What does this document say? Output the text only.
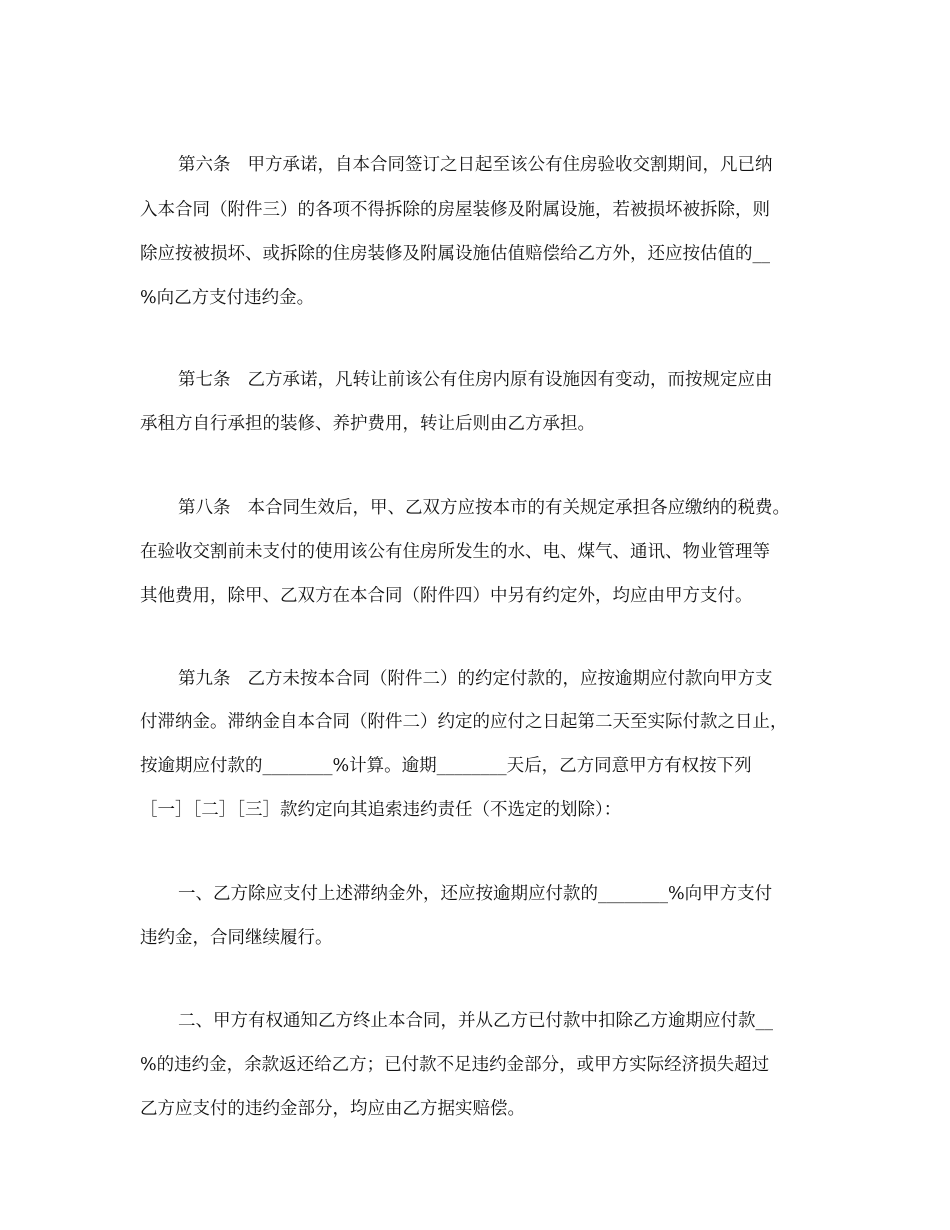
第六条 甲方承诺，自本合同签订之日起至该公有住房验收交割期间，凡已纳
入本合同（附件三）的各项不得拆除的房屋装修及附属设施，若被损坏被拆除，则
除应按被损坏、或拆除的住房装修及附属设施估值赔偿给乙方外，还应按估值的__
%向乙方支付违约金。
第七条 乙方承诺，凡转让前该公有住房内原有设施因有变动，而按规定应由
承租方自行承担的装修、养护费用，转让后则由乙方承担。
第八条 本合同生效后，甲、乙双方应按本市的有关规定承担各应缴纳的税费。
在验收交割前未支付的使用该公有住房所发生的水、电、煤气、通讯、物业管理等
其他费用，除甲、乙双方在本合同（附件四）中另有约定外，均应由甲方支付。
第九条 乙方未按本合同（附件二）的约定付款的，应按逾期应付款向甲方支
付滞纳金。滞纳金自本合同（附件二）约定的应付之日起第二天至实际付款之日止，
按逾期应付款的________%计算。逾期________天后，乙方同意甲方有权按下列
［一］［二］［三］款约定向其追索违约责任（不选定的划除）：
一、乙方除应支付上述滞纳金外，还应按逾期应付款的________%向甲方支付
违约金，合同继续履行。
二、甲方有权通知乙方终止本合同，并从乙方已付款中扣除乙方逾期应付款__
%的违约金，余款返还给乙方；已付款不足违约金部分，或甲方实际经济损失超过
乙方应支付的违约金部分，均应由乙方据实赔偿。
